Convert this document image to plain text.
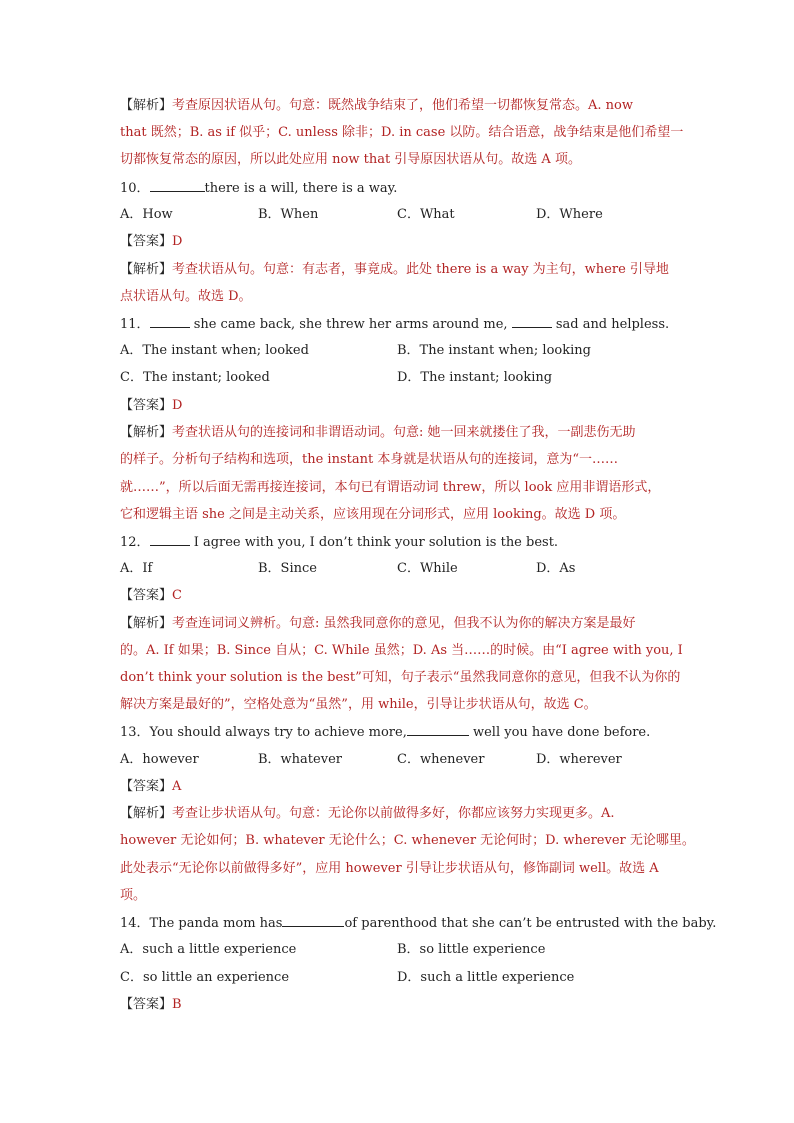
【解析】考查原因状语从句。句意：既然战争结束了，他们希望一切都恢复常态。A. now
that 既然；B. as if 似乎；C. unless 除非；D. in case 以防。结合语意，战争结束是他们希望一
切都恢复常态的原因，所以此处应用 now that 引导原因状语从句。故选 A 项。
10．	there is a will, there is a way.
A．How	B．When	C．What	D．Where
【答案】D
【解析】考查状语从句。句意：有志者，事竟成。此处 there is a way 为主句，where 引导地
点状语从句。故选 D。
11．	she came back, she threw her arms around me,	sad and helpless.
A．The instant when; looked	B．The instant when; looking
C．The instant; looked	D．The instant; looking
【答案】D
【解析】考查状语从句的连接词和非谓语动词。句意: 她一回来就搂住了我，一副悲伤无助
的样子。分析句子结构和选项，the instant 本身就是状语从句的连接词，意为“一……
就……”，所以后面无需再接连接词，本句已有谓语动词 threw，所以 look 应用非谓语形式，
它和逻辑主语 she 之间是主动关系，应该用现在分词形式，应用 looking。故选 D 项。
12．	I agree with you, I don’t think your solution is the best.
A．If	B．Since	C．While	D．As
【答案】C
【解析】考查连词词义辨析。句意: 虽然我同意你的意见，但我不认为你的解决方案是最好
的。A. If 如果；B. Since 自从；C. While 虽然；D. As 当……的时候。由“I agree with you, I
don’t think your solution is the best”可知，句子表示“虽然我同意你的意见，但我不认为你的
解决方案是最好的”，空格处意为“虽然”，用 while，引导让步状语从句，故选 C。
13．You should always try to achieve more,	well you have done before.
A．however	B．whatever	C．whenever	D．wherever
【答案】A
【解析】考查让步状语从句。句意：无论你以前做得多好，你都应该努力实现更多。A.
however 无论如何；B. whatever 无论什么；C. whenever 无论何时；D. wherever 无论哪里。
此处表示“无论你以前做得多好”，应用 however 引导让步状语从句，修饰副词 well。故选 A
项。
14．The panda mom has	of parenthood that she can’t be entrusted with the baby.
A．such a little experience	B．so little experience
C．so little an experience	D．such a little experience
【答案】B
